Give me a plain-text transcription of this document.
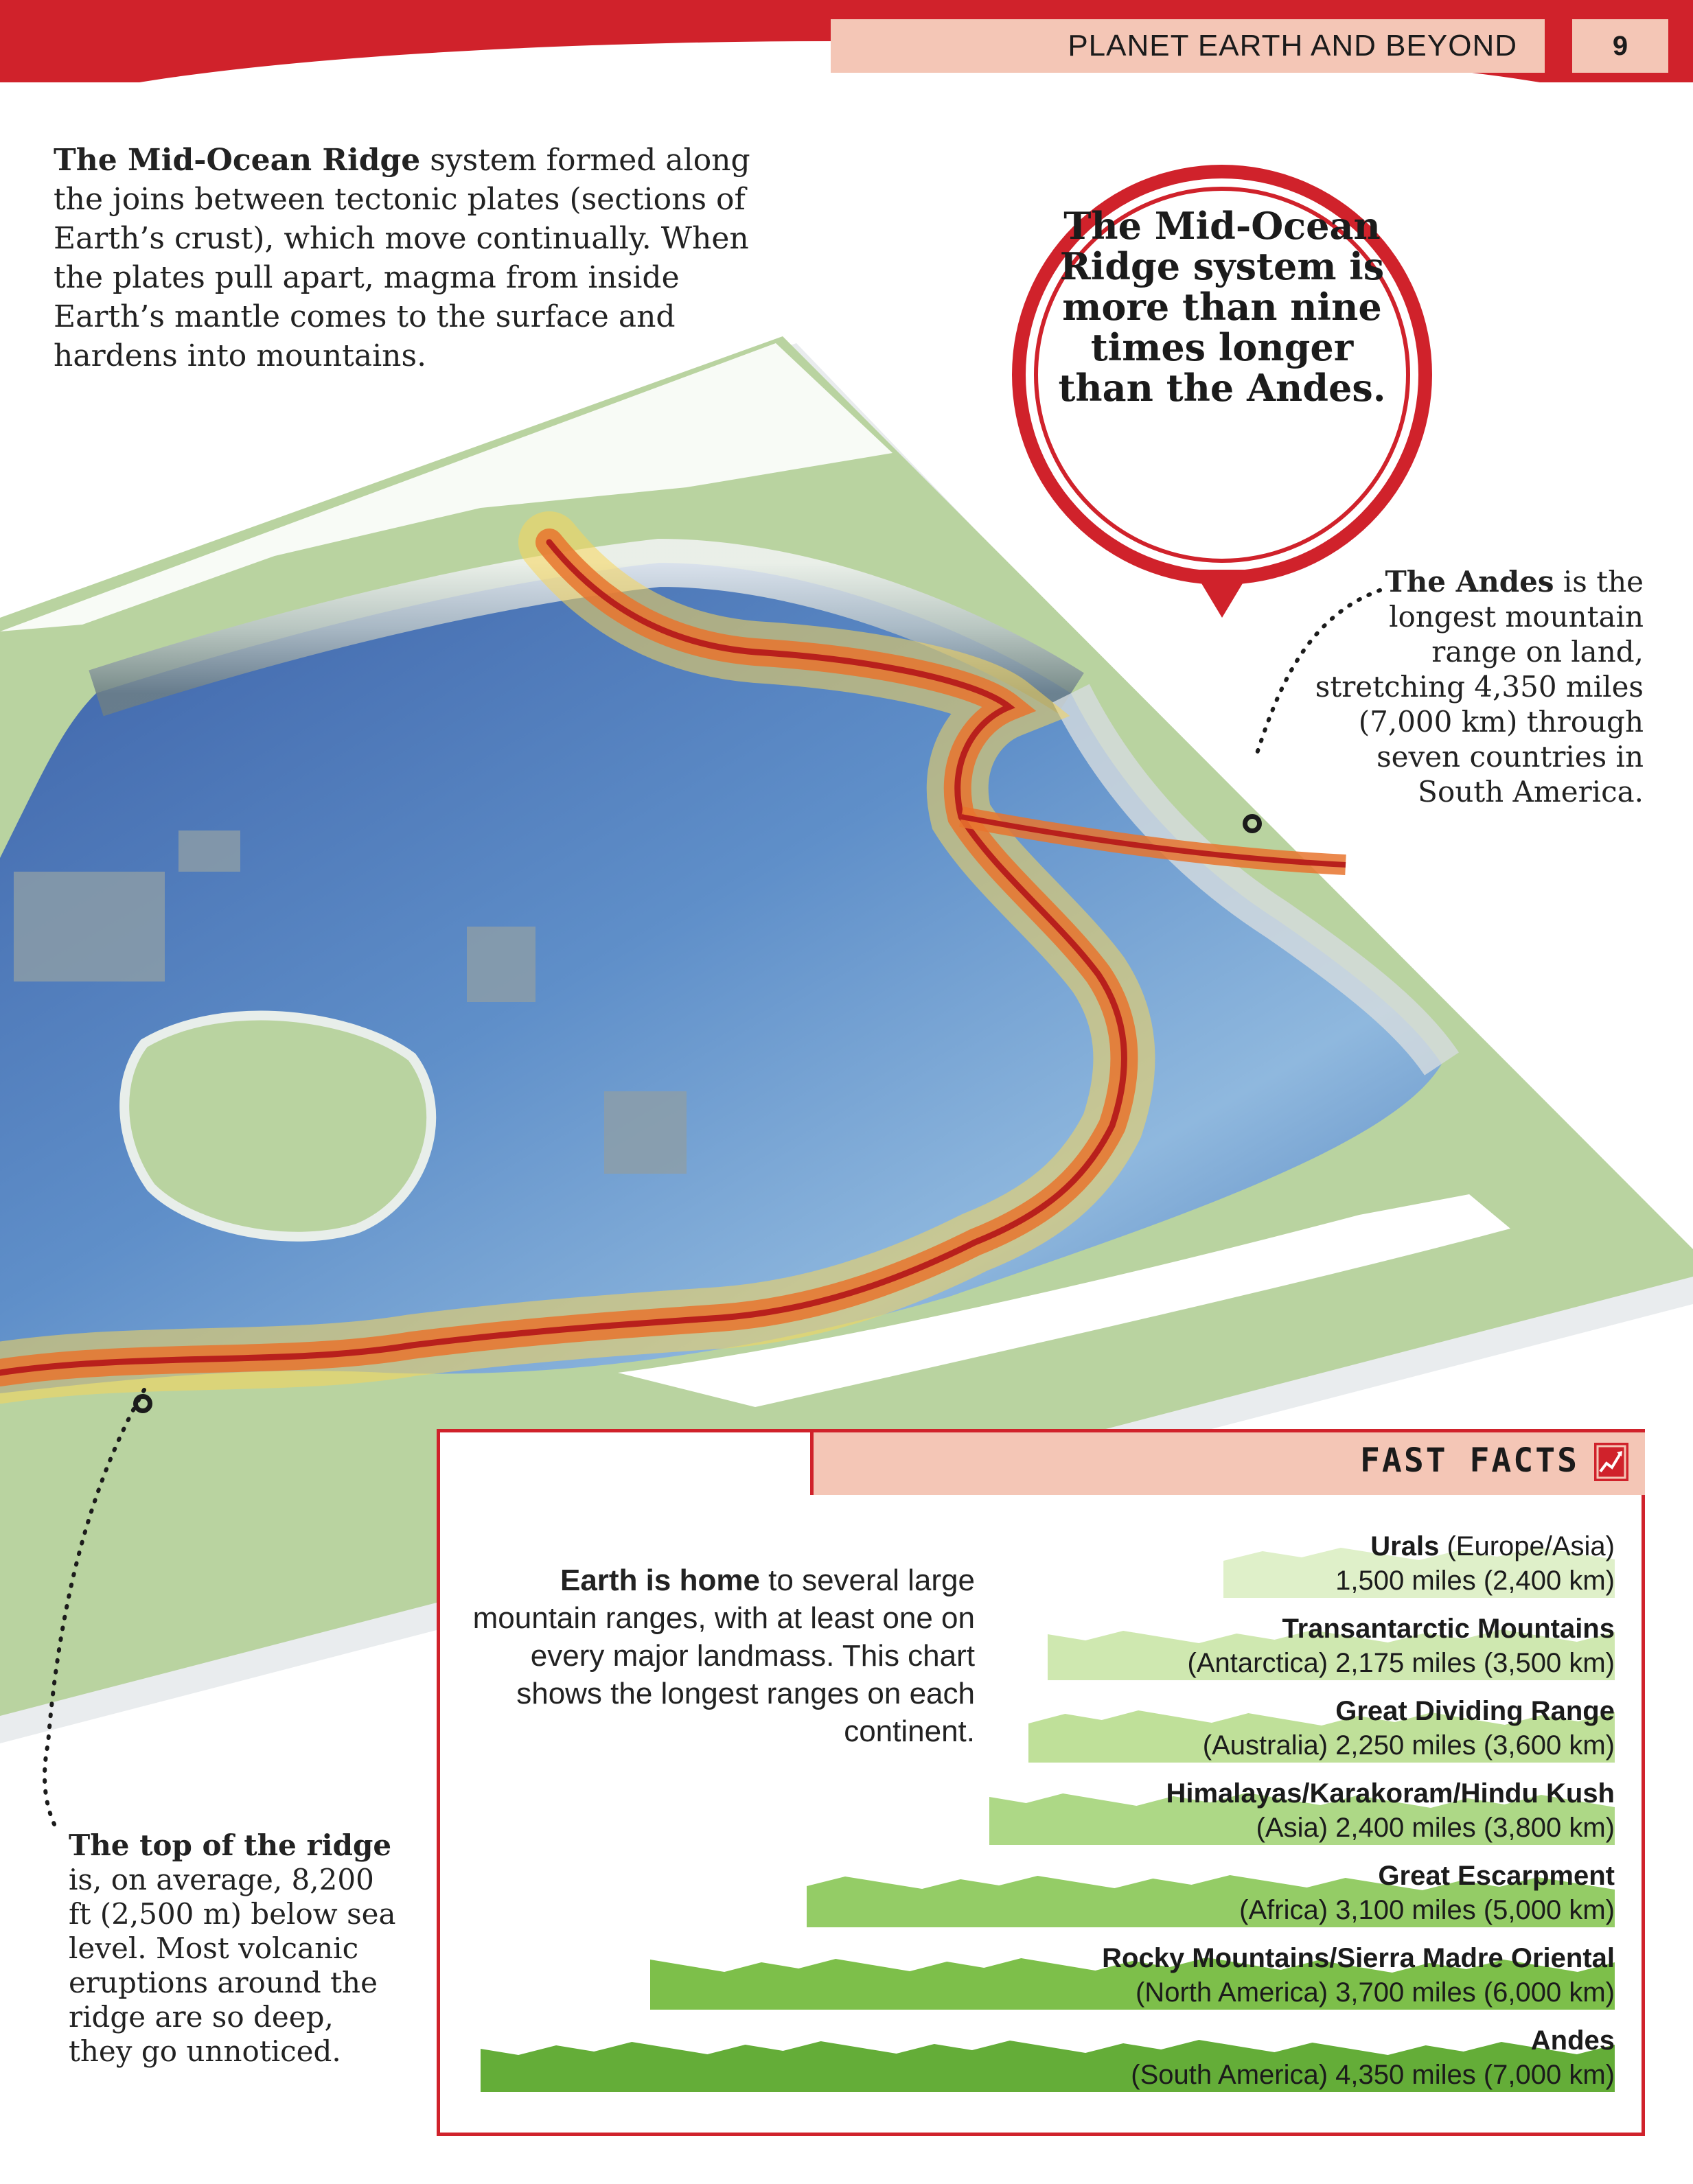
PLANET EARTH AND BEYOND	9
The Mid-Ocean Ridge system formed along the joins between tectonic plates (sections of Earth’s crust), which move continually. When the plates pull apart, magma from inside Earth’s mantle comes to the surface and hardens into mountains.
The Mid-Ocean Ridge system is more than nine times longer than the Andes.
The Andes is the longest mountain range on land, stretching 4,350 miles (7,000 km) through seven countries in South America.
The top of the ridge is, on average, 8,200 ft (2,500 m) below sea level. Most volcanic eruptions around the ridge are so deep, they go unnoticed.
FAST FACTS
Earth is home to several large mountain ranges, with at least one on every major landmass. This chart shows the longest ranges on each continent.
Urals (Europe/Asia)
1,500 miles (2,400 km)
Transantarctic Mountains
(Antarctica) 2,175 miles (3,500 km)
Great Dividing Range
(Australia) 2,250 miles (3,600 km)
Himalayas/Karakoram/Hindu Kush
(Asia) 2,400 miles (3,800 km)
Great Escarpment
(Africa) 3,100 miles (5,000 km)
Rocky Mountains/Sierra Madre Oriental
(North America) 3,700 miles (6,000 km)
Andes
(South America) 4,350 miles (7,000 km)
